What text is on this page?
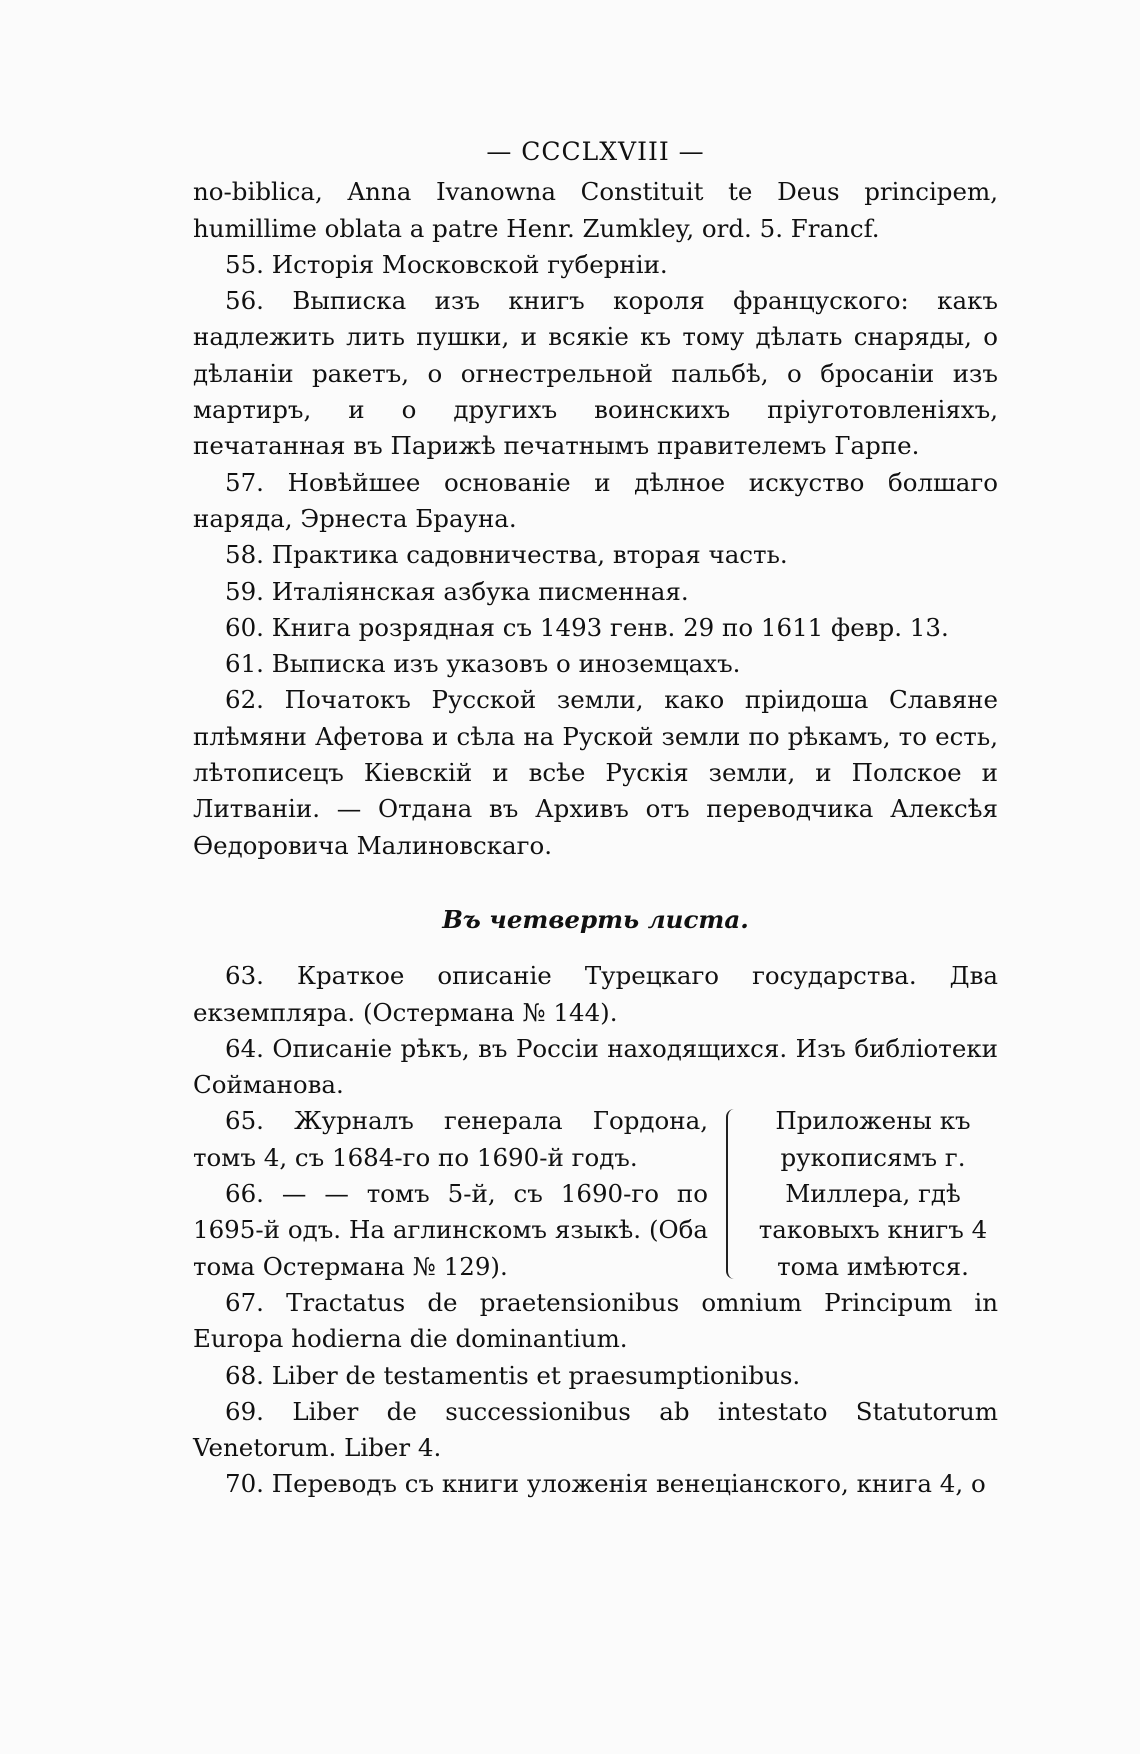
— CCCLXVIII —

no-biblica, Anna Ivanowna Constituit te Deus principem, humillime oblata a patre Henr. Zumkley, ord. 5. Francf.

55. Исторія Московской губерніи.

56. Выписка изъ книгъ короля француского: какъ надлежить лить пушки, и всякіе къ тому дѣлать снаряды, о дѣланіи ракетъ, о огнестрельной пальбѣ, о бросаніи изъ мартиръ, и о другихъ воинскихъ пріуготовленіяхъ, печатанная въ Парижѣ печатнымъ правителемъ Гарпе.

57. Новѣйшее основаніе и дѣлное искуство болшаго наряда, Эрнеста Брауна.

58. Практика садовничества, вторая часть.

59. Италіянская азбука писменная.

60. Книга розрядная съ 1493 генв. 29 по 1611 февр. 13.

61. Выписка изъ указовъ о иноземцахъ.

62. Початокъ Русской земли, како пріидоша Славяне плѣмяни Афетова и сѣла на Руской земли по рѣкамъ, то есть, лѣтописецъ Кіевскій и всѣе Рускія земли, и Полское и Литваніи. — Отдана въ Архивъ отъ переводчика Алексѣя Өедоровича Малиновскаго.

Въ четверть листа.

63. Краткое описаніе Турецкаго государства. Два екземпляра. (Остермана № 144).

64. Описаніе рѣкъ, въ Россіи находящихся. Изъ библіотеки Сойманова.

65. Журналъ генерала Гордона, томъ 4, съ 1684-го по 1690-й годъ.

66. — — томъ 5-й, съ 1690-го по 1695-й одъ. На аглинскомъ языкѣ. (Оба тома Остермана № 129).

Приложены къ рукописямъ г. Миллера, гдѣ таковыхъ книгъ 4 тома имѣются.

67. Tractatus de praetensionibus omnium Principum in Europa hodierna die dominantium.

68. Liber de testamentis et praesumptionibus.

69. Liber de successionibus ab intestato Statutorum Venetorum. Liber 4.

70. Переводъ съ книги уложенія венеціанского, книга 4, о
